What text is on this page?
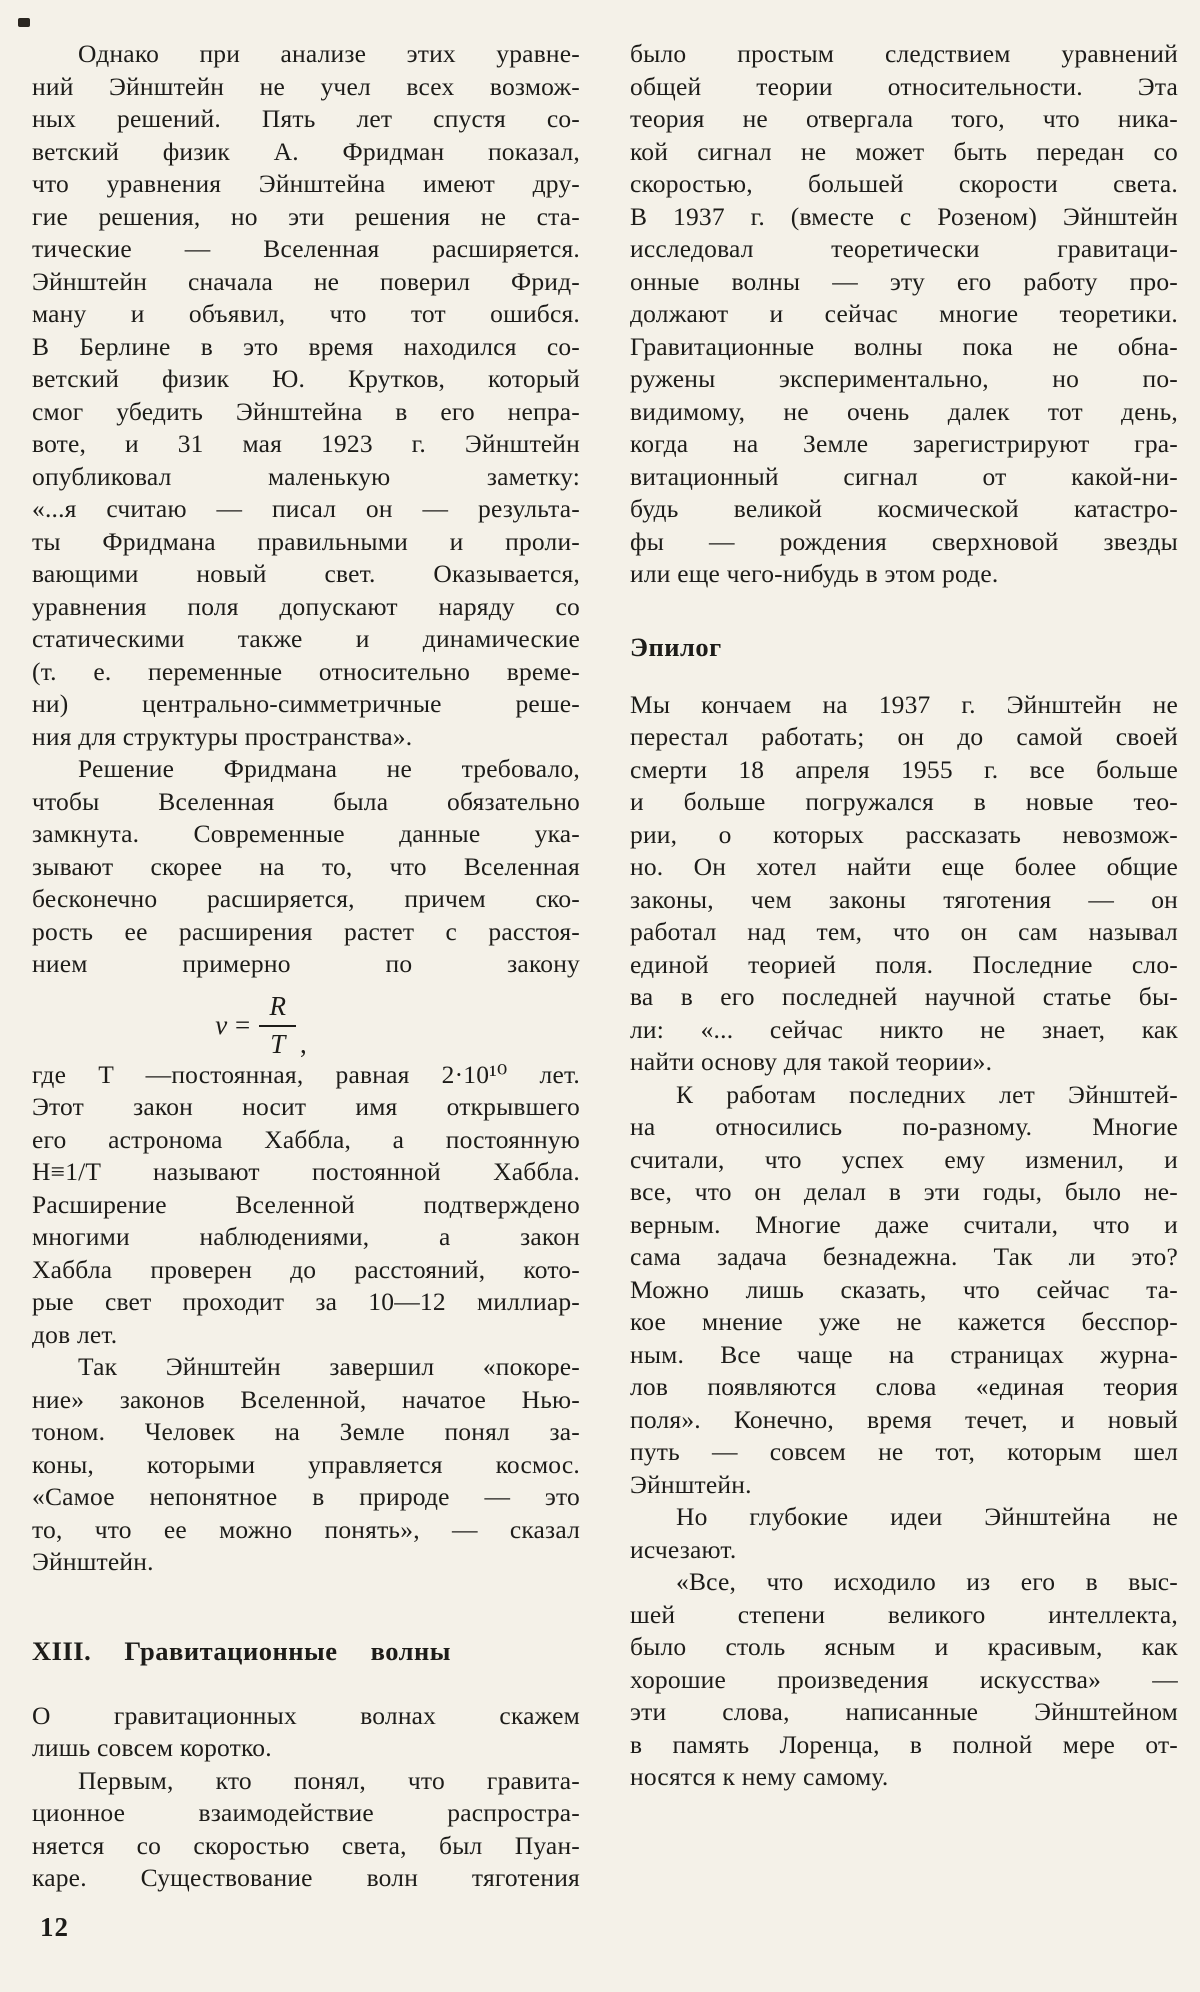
Однако при анализе этих уравне-
ний Эйнштейн не учел всех возмож-
ных решений. Пять лет спустя со-
ветский физик А. Фридман показал,
что уравнения Эйнштейна имеют дру-
гие решения, но эти решения не ста-
тические — Вселенная расширяется.
Эйнштейн сначала не поверил Фрид-
ману и объявил, что тот ошибся.
В Берлине в это время находился со-
ветский физик Ю. Крутков, который
смог убедить Эйнштейна в его непра-
воте, и 31 мая 1923 г. Эйнштейн
опубликовал маленькую заметку:
«...я считаю — писал он — результа-
ты Фридмана правильными и проли-
вающими новый свет. Оказывается,
уравнения поля допускают наряду со
статическими также и динамические
(т. е. переменные относительно време-
ни) центрально-симметричные реше-
ния для структуры пространства».
Решение Фридмана не требовало,
чтобы Вселенная была обязательно
замкнута. Современные данные ука-
зывают скорее на то, что Вселенная
бесконечно расширяется, причем ско-
рость ее расширения растет с расстоя-
нием примерно по закону
$v = \frac{R}{T}$ ,
где T —постоянная, равная 2·10¹⁰ лет.
Этот закон носит имя открывшего
его астронома Хаббла, а постоянную
H≡1/T называют постоянной Хаббла.
Расширение Вселенной подтверждено
многими наблюдениями, а закон
Хаббла проверен до расстояний, кото-
рые свет проходит за 10—12 миллиар-
дов лет.
Так Эйнштейн завершил «покоре-
ние» законов Вселенной, начатое Нью-
тоном. Человек на Земле понял за-
коны, которыми управляется космос.
«Самое непонятное в природе — это
то, что ее можно понять», — сказал
Эйнштейн.
XIII. Гравитационные волны
О гравитационных волнах скажем
лишь совсем коротко.
Первым, кто понял, что гравита-
ционное взаимодействие распростра-
няется со скоростью света, был Пуан-
каре. Существование волн тяготения
было простым следствием уравнений
общей теории относительности. Эта
теория не отвергала того, что ника-
кой сигнал не может быть передан со
скоростью, большей скорости света.
В 1937 г. (вместе с Розеном) Эйнштейн
исследовал теоретически гравитаци-
онные волны — эту его работу про-
должают и сейчас многие теоретики.
Гравитационные волны пока не обна-
ружены экспериментально, но по-
видимому, не очень далек тот день,
когда на Земле зарегистрируют гра-
витационный сигнал от какой-ни-
будь великой космической катастро-
фы — рождения сверхновой звезды
или еще чего-нибудь в этом роде.
Эпилог
Мы кончаем на 1937 г. Эйнштейн не
перестал работать; он до самой своей
смерти 18 апреля 1955 г. все больше
и больше погружался в новые тео-
рии, о которых рассказать невозмож-
но. Он хотел найти еще более общие
законы, чем законы тяготения — он
работал над тем, что он сам называл
единой теорией поля. Последние сло-
ва в его последней научной статье бы-
ли: «... сейчас никто не знает, как
найти основу для такой теории».
К работам последних лет Эйнштей-
на относились по-разному. Многие
считали, что успех ему изменил, и
все, что он делал в эти годы, было не-
верным. Многие даже считали, что и
сама задача безнадежна. Так ли это?
Можно лишь сказать, что сейчас та-
кое мнение уже не кажется бесспор-
ным. Все чаще на страницах журна-
лов появляются слова «единая теория
поля». Конечно, время течет, и новый
путь — совсем не тот, которым шел
Эйнштейн.
Но глубокие идеи Эйнштейна не
исчезают.
«Все, что исходило из его в выс-
шей степени великого интеллекта,
было столь ясным и красивым, как
хорошие произведения искусства» —
эти слова, написанные Эйнштейном
в память Лоренца, в полной мере от-
носятся к нему самому.
12
